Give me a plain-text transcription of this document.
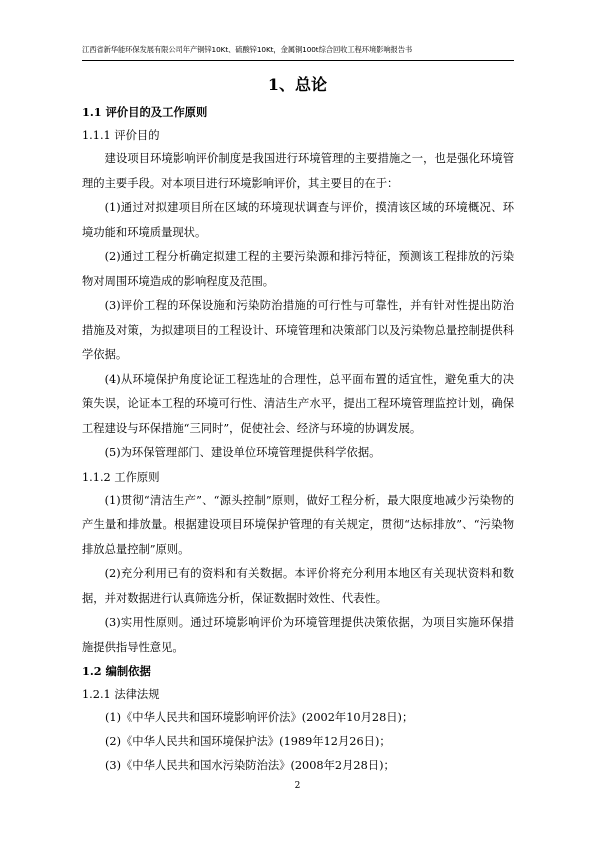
江西省新华能环保发展有限公司年产铜锌10Kt、硫酸锌10Kt，金属铜100t综合回收工程环境影响报告书
1、总论
1.1 评价目的及工作原则
1.1.1 评价目的

建设项目环境影响评价制度是我国进行环境管理的主要措施之一，也是强化环境管理的主要手段。对本项目进行环境影响评价，其主要目的在于：

(1)通过对拟建项目所在区域的环境现状调查与评价，摸清该区域的环境概况、环境功能和环境质量现状。

(2)通过工程分析确定拟建工程的主要污染源和排污特征，预测该工程排放的污染物对周围环境造成的影响程度及范围。

(3)评价工程的环保设施和污染防治措施的可行性与可靠性，并有针对性提出防治措施及对策，为拟建项目的工程设计、环境管理和决策部门以及污染物总量控制提供科学依据。

(4)从环境保护角度论证工程选址的合理性，总平面布置的适宜性，避免重大的决策失误，论证本工程的环境可行性、清洁生产水平，提出工程环境管理监控计划，确保工程建设与环保措施“三同时”，促使社会、经济与环境的协调发展。

(5)为环保管理部门、建设单位环境管理提供科学依据。

1.1.2 工作原则

(1)贯彻“清洁生产”、“源头控制”原则，做好工程分析，最大限度地减少污染物的产生量和排放量。根据建设项目环境保护管理的有关规定，贯彻“达标排放”、“污染物排放总量控制”原则。

(2)充分利用已有的资料和有关数据。本评价将充分利用本地区有关现状资料和数据，并对数据进行认真筛选分析，保证数据时效性、代表性。

(3)实用性原则。通过环境影响评价为环境管理提供决策依据，为项目实施环保措施提供指导性意见。

1.2 编制依据
1.2.1 法律法规
(1)《中华人民共和国环境影响评价法》(2002年10月28日)；
(2)《中华人民共和国环境保护法》(1989年12月26日)；
(3)《中华人民共和国水污染防治法》(2008年2月28日)；
2
